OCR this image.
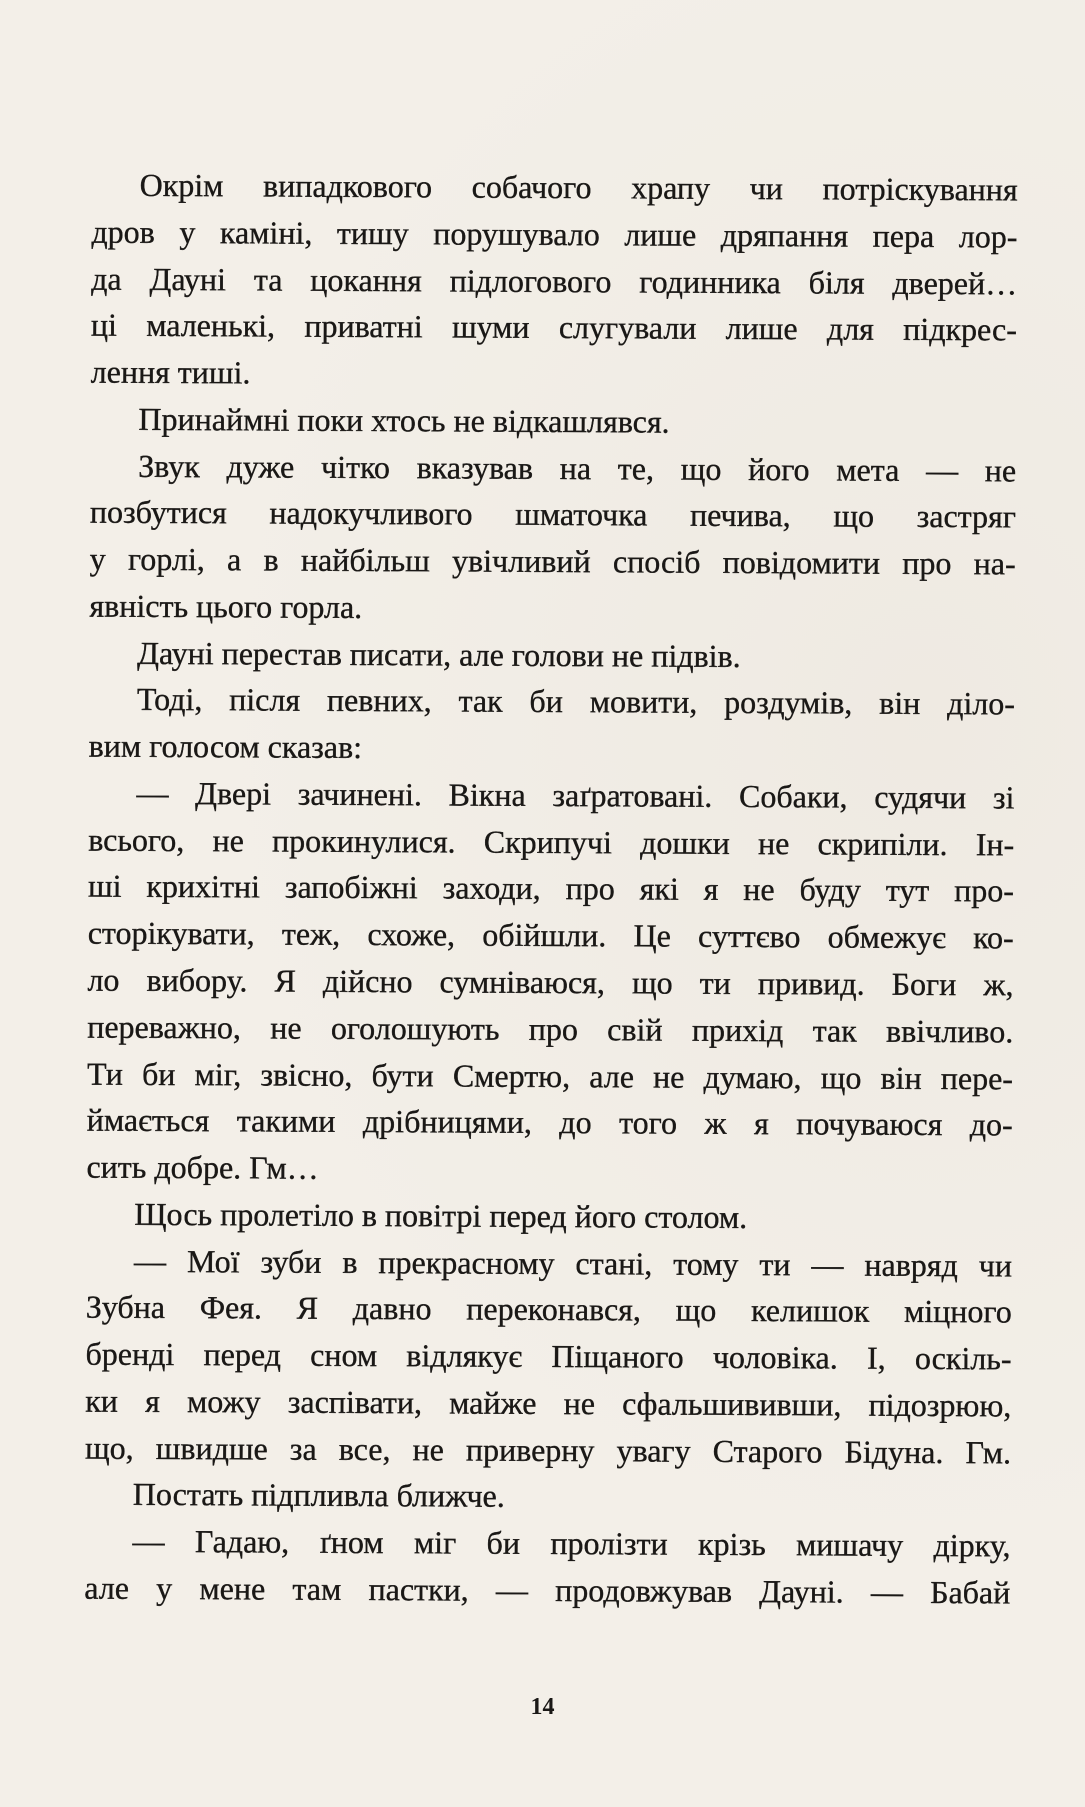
Окрім випадкового собачого храпу чи потріскування
дров у каміні, тишу порушувало лише дряпання пера лор-
да Дауні та цокання підлогового годинника біля дверей…
ці маленькі, приватні шуми слугували лише для підкрес-
лення тиші.
Принаймні поки хтось не відкашлявся.
Звук дуже чітко вказував на те, що його мета — не
позбутися надокучливого шматочка печива, що застряг
у горлі, а в найбільш увічливий спосіб повідомити про на-
явність цього горла.
Дауні перестав писати, але голови не підвів.
Тоді, після певних, так би мовити, роздумів, він діло-
вим голосом сказав:
— Двері зачинені. Вікна заґратовані. Собаки, судячи зі
всього, не прокинулися. Скрипучі дошки не скрипіли. Ін-
ші крихітні запобіжні заходи, про які я не буду тут про-
сторікувати, теж, схоже, обійшли. Це суттєво обмежує ко-
ло вибору. Я дійсно сумніваюся, що ти привид. Боги ж,
переважно, не оголошують про свій прихід так ввічливо.
Ти би міг, звісно, бути Смертю, але не думаю, що він пере-
ймається такими дрібницями, до того ж я почуваюся до-
сить добре. Гм…
Щось пролетіло в повітрі перед його столом.
— Мої зуби в прекрасному стані, тому ти — навряд чи
Зубна Фея. Я давно переконався, що келишок міцного
бренді перед сном відлякує Піщаного чоловіка. І, оскіль-
ки я можу заспівати, майже не сфальшививши, підозрюю,
що, швидше за все, не приверну увагу Старого Бідуна. Гм.
Постать підпливла ближче.
— Гадаю, ґном міг би пролізти крізь мишачу дірку,
але у мене там пастки, — продовжував Дауні. — Бабай
14
